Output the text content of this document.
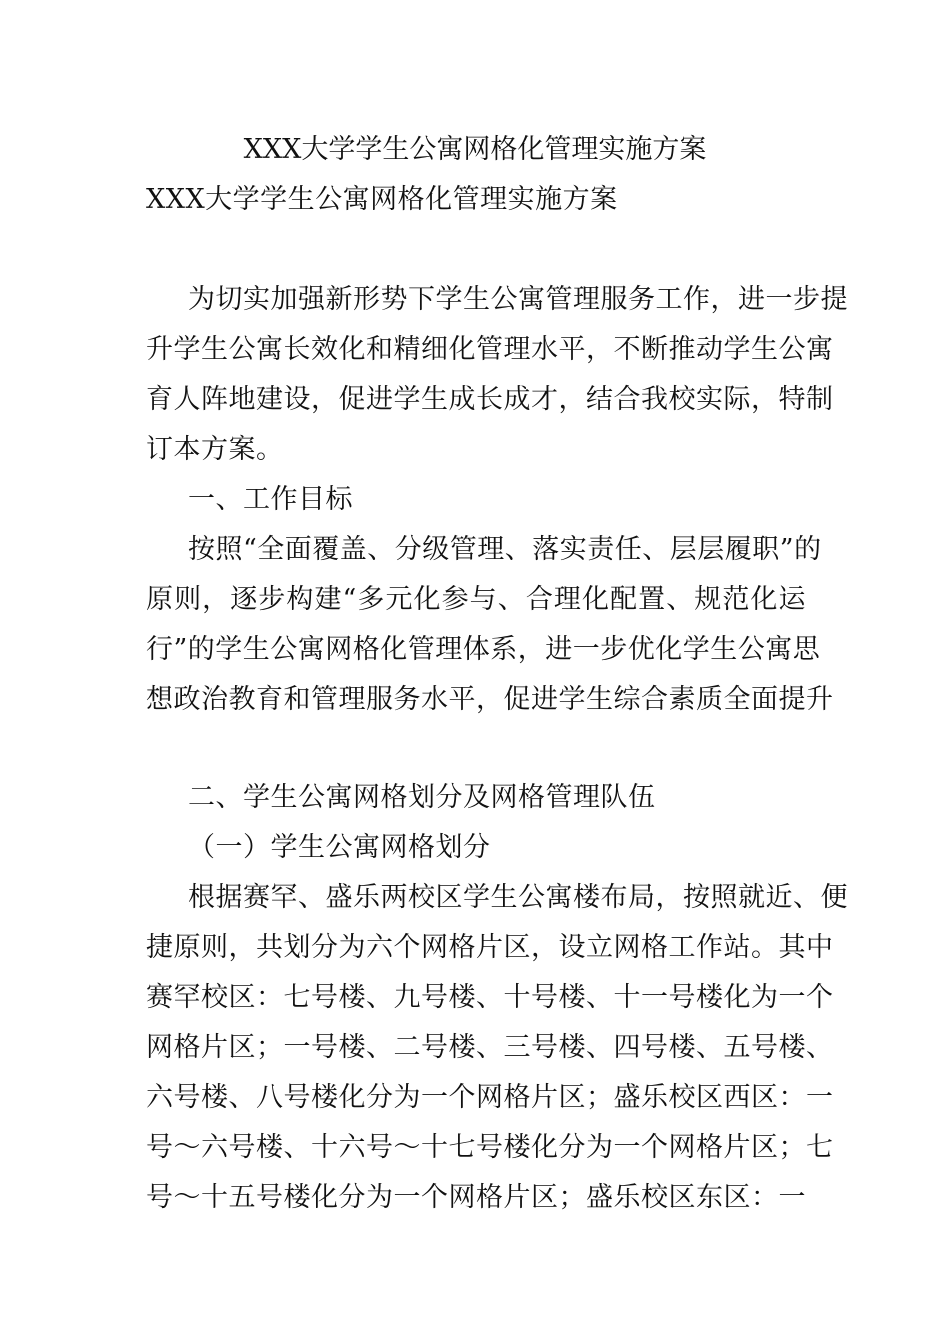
XXX大学学生公寓网格化管理实施方案
XXX大学学生公寓网格化管理实施方案
为切实加强新形势下学生公寓管理服务工作，进一步提
升学生公寓长效化和精细化管理水平，不断推动学生公寓
育人阵地建设，促进学生成长成才，结合我校实际，特制
订本方案。
一、工作目标
按照“全面覆盖、分级管理、落实责任、层层履职”的
原则，逐步构建“多元化参与、合理化配置、规范化运
行”的学生公寓网格化管理体系，进一步优化学生公寓思
想政治教育和管理服务水平，促进学生综合素质全面提升
二、学生公寓网格划分及网格管理队伍
（一）学生公寓网格划分
根据赛罕、盛乐两校区学生公寓楼布局，按照就近、便
捷原则，共划分为六个网格片区，设立网格工作站。其中
赛罕校区：七号楼、九号楼、十号楼、十一号楼化为一个
网格片区；一号楼、二号楼、三号楼、四号楼、五号楼、
六号楼、八号楼化分为一个网格片区；盛乐校区西区：一
号～六号楼、十六号～十七号楼化分为一个网格片区；七
号～十五号楼化分为一个网格片区；盛乐校区东区：一
